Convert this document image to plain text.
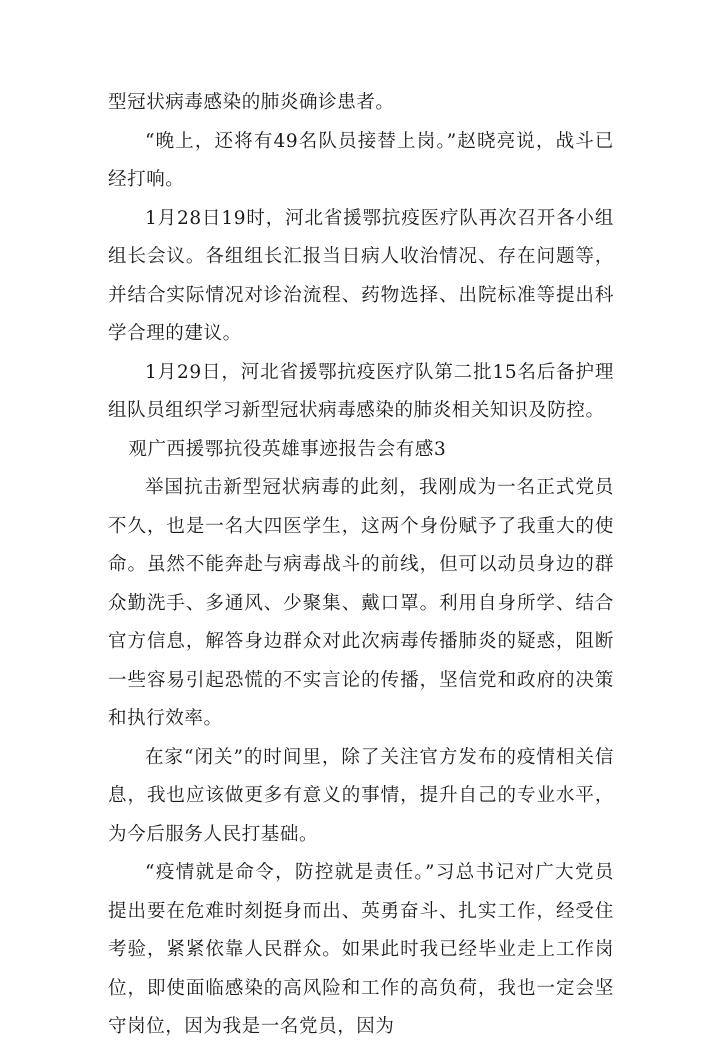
型冠状病毒感染的肺炎确诊患者。

“晚上，还将有49名队员接替上岗。”赵晓亮说，战斗已经打响。

1月28日19时，河北省援鄂抗疫医疗队再次召开各小组组长会议。各组组长汇报当日病人收治情况、存在问题等，并结合实际情况对诊治流程、药物选择、出院标准等提出科学合理的建议。

1月29日，河北省援鄂抗疫医疗队第二批15名后备护理组队员组织学习新型冠状病毒感染的肺炎相关知识及防控。

观广西援鄂抗役英雄事迹报告会有感3

举国抗击新型冠状病毒的此刻，我刚成为一名正式党员不久，也是一名大四医学生，这两个身份赋予了我重大的使命。虽然不能奔赴与病毒战斗的前线，但可以动员身边的群众勤洗手、多通风、少聚集、戴口罩。利用自身所学、结合官方信息，解答身边群众对此次病毒传播肺炎的疑惑，阻断一些容易引起恐慌的不实言论的传播，坚信党和政府的决策和执行效率。

在家“闭关”的时间里，除了关注官方发布的疫情相关信息，我也应该做更多有意义的事情，提升自己的专业水平，为今后服务人民打基础。

“疫情就是命令，防控就是责任。”习总书记对广大党员提出要在危难时刻挺身而出、英勇奋斗、扎实工作，经受住考验，紧紧依靠人民群众。如果此时我已经毕业走上工作岗位，即使面临感染的高风险和工作的高负荷，我也一定会坚守岗位，因为我是一名党员，因为
